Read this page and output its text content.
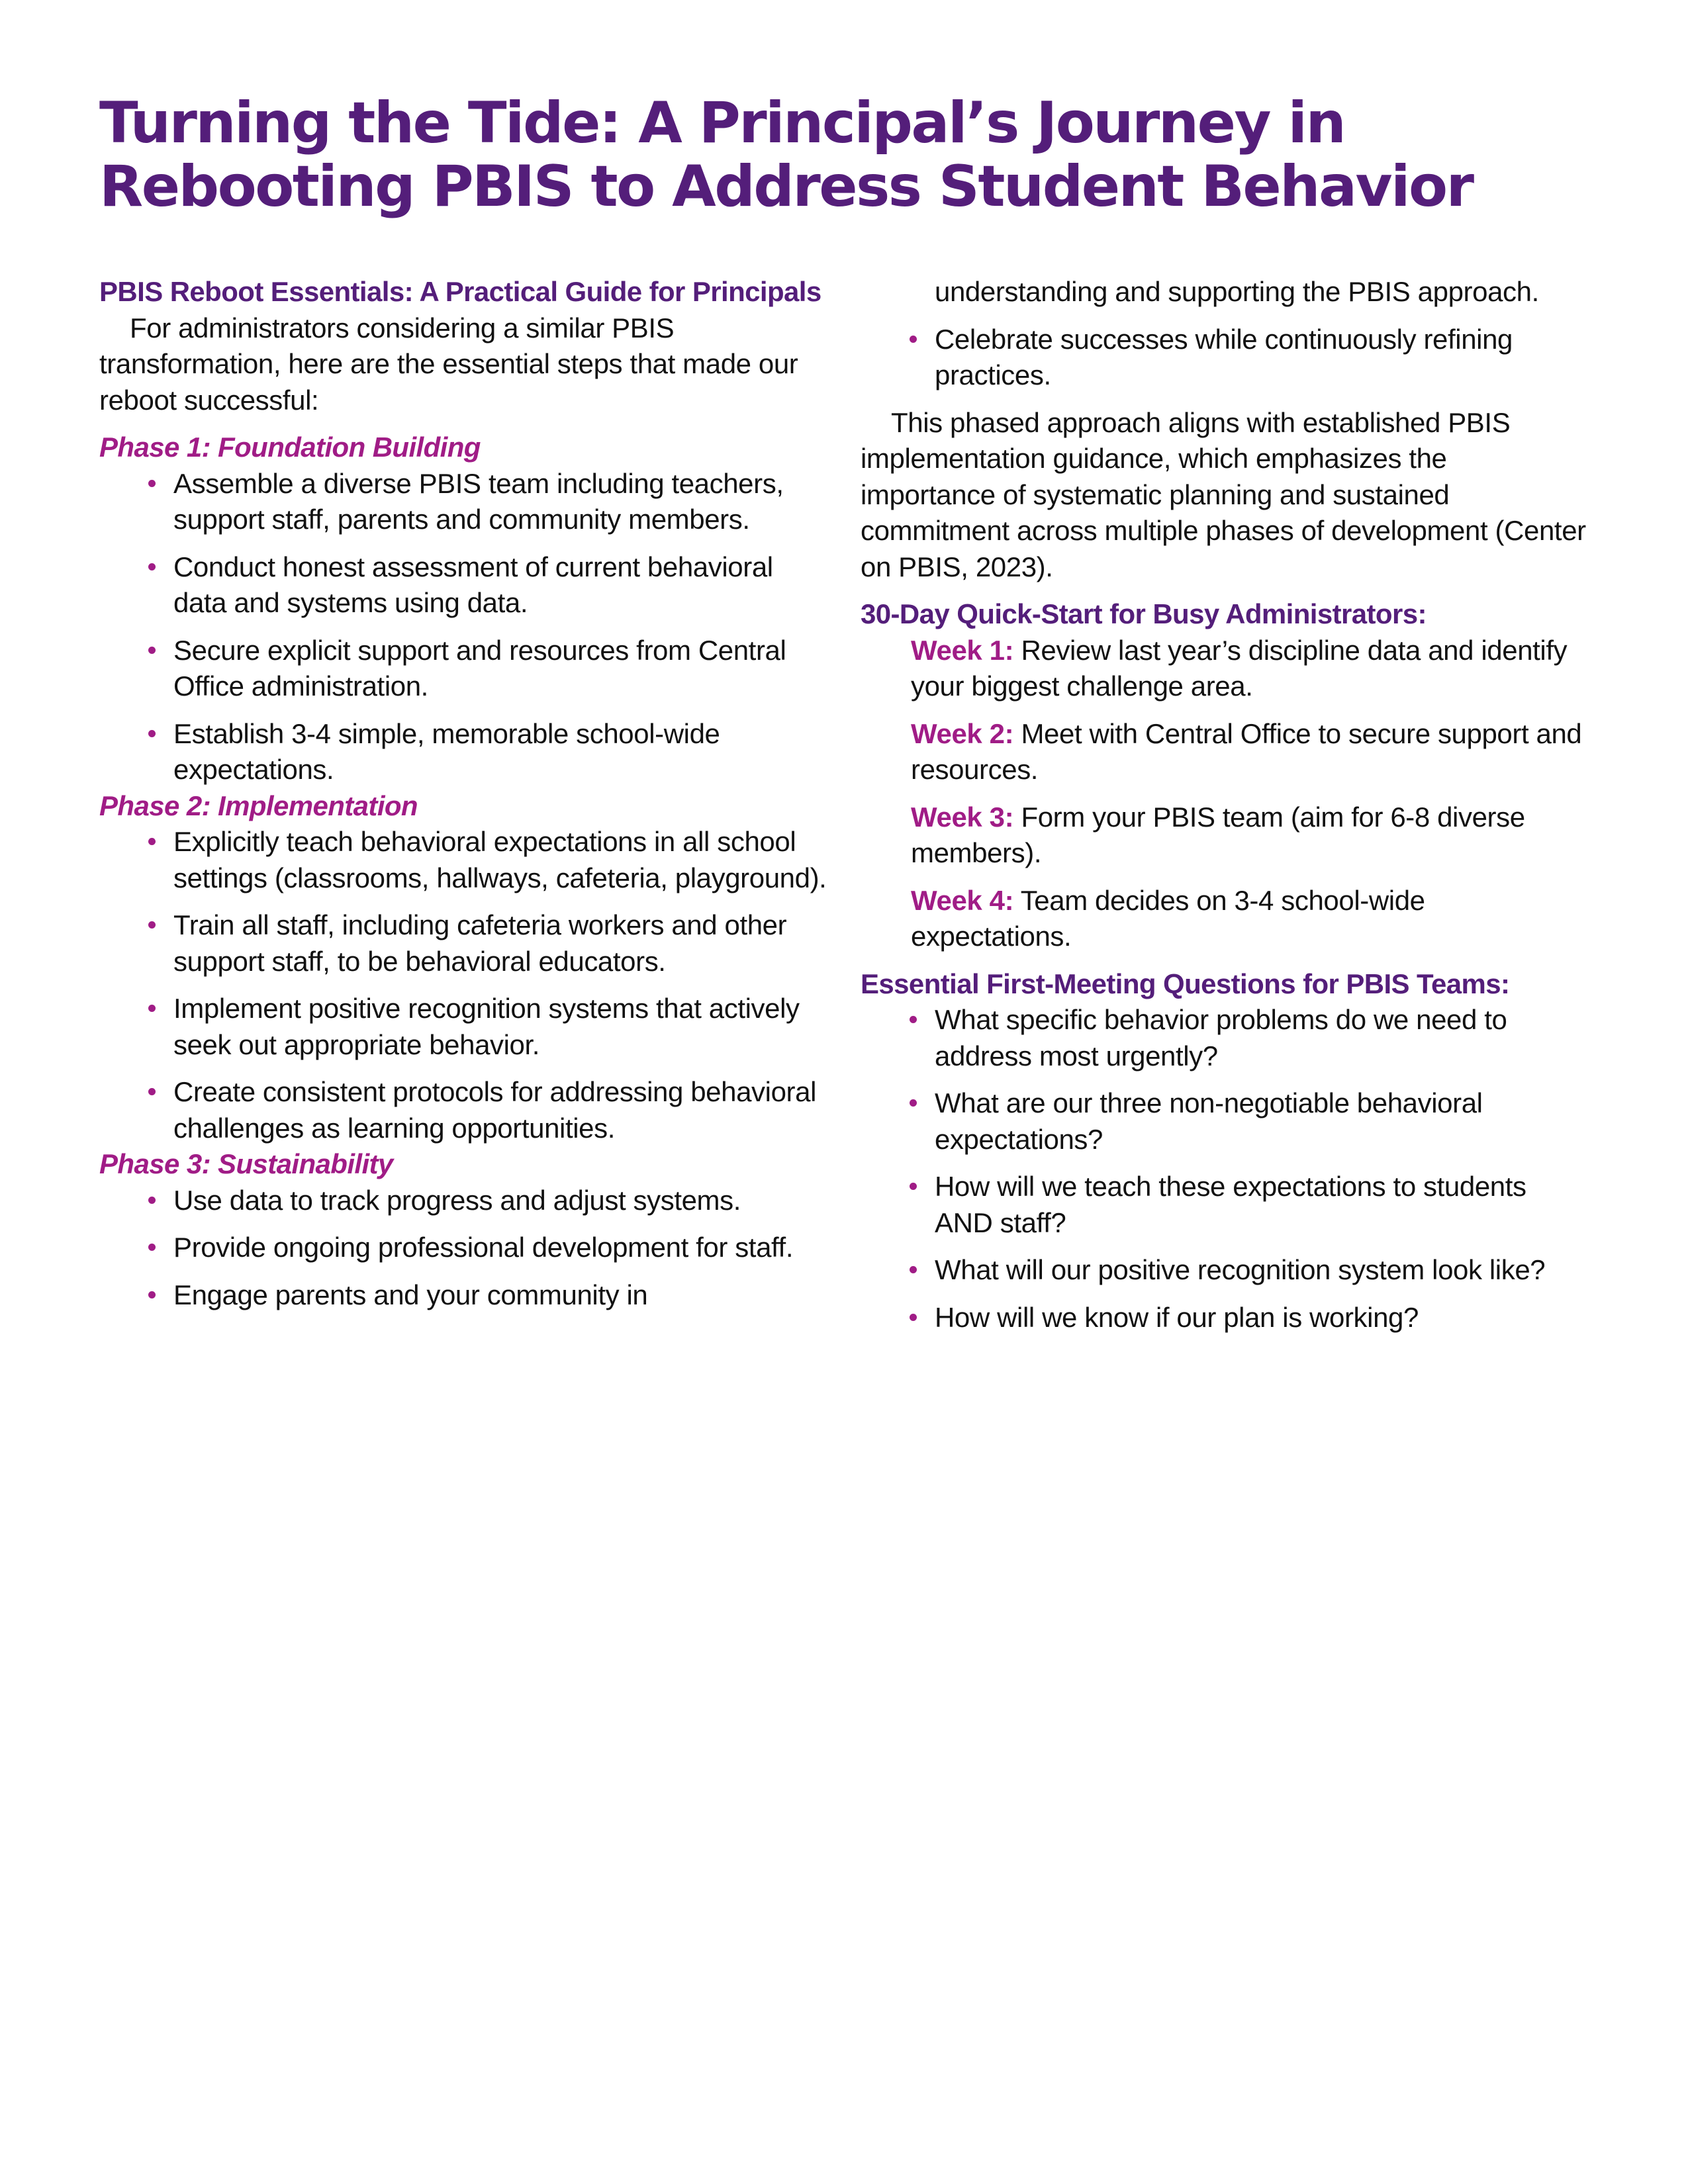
Turning the Tide: A Principal’s Journey in Rebooting PBIS to Address Student Behavior

PBIS Reboot Essentials: A Practical Guide for Principals

For administrators considering a similar PBIS transformation, here are the essential steps that made our reboot successful:

Phase 1: Foundation Building

Assemble a diverse PBIS team including teachers, support staff, parents and community members.
Conduct honest assessment of current behavioral data and systems using data.
Secure explicit support and resources from Central Office administration.
Establish 3-4 simple, memorable school-wide expectations.

Phase 2: Implementation

Explicitly teach behavioral expectations in all school settings (classrooms, hallways, cafeteria, playground).
Train all staff, including cafeteria workers and other support staff, to be behavioral educators.
Implement positive recognition systems that actively seek out appropriate behavior.
Create consistent protocols for addressing behavioral challenges as learning opportunities.

Phase 3: Sustainability

Use data to track progress and adjust systems.
Provide ongoing professional development for staff.
Engage parents and your community in

understanding and supporting the PBIS approach.

Celebrate successes while continuously refining practices.

This phased approach aligns with established PBIS implementation guidance, which emphasizes the importance of systematic planning and sustained commitment across multiple phases of development (Center on PBIS, 2023).

30-Day Quick-Start for Busy Administrators:

Week 1: Review last year’s discipline data and identify your biggest challenge area.

Week 2: Meet with Central Office to secure support and resources.

Week 3: Form your PBIS team (aim for 6-8 diverse members).

Week 4: Team decides on 3-4 school-wide expectations.

Essential First-Meeting Questions for PBIS Teams:

What specific behavior problems do we need to address most urgently?
What are our three non-negotiable behavioral expectations?
How will we teach these expectations to students AND staff?
What will our positive recognition system look like?
How will we know if our plan is working?
